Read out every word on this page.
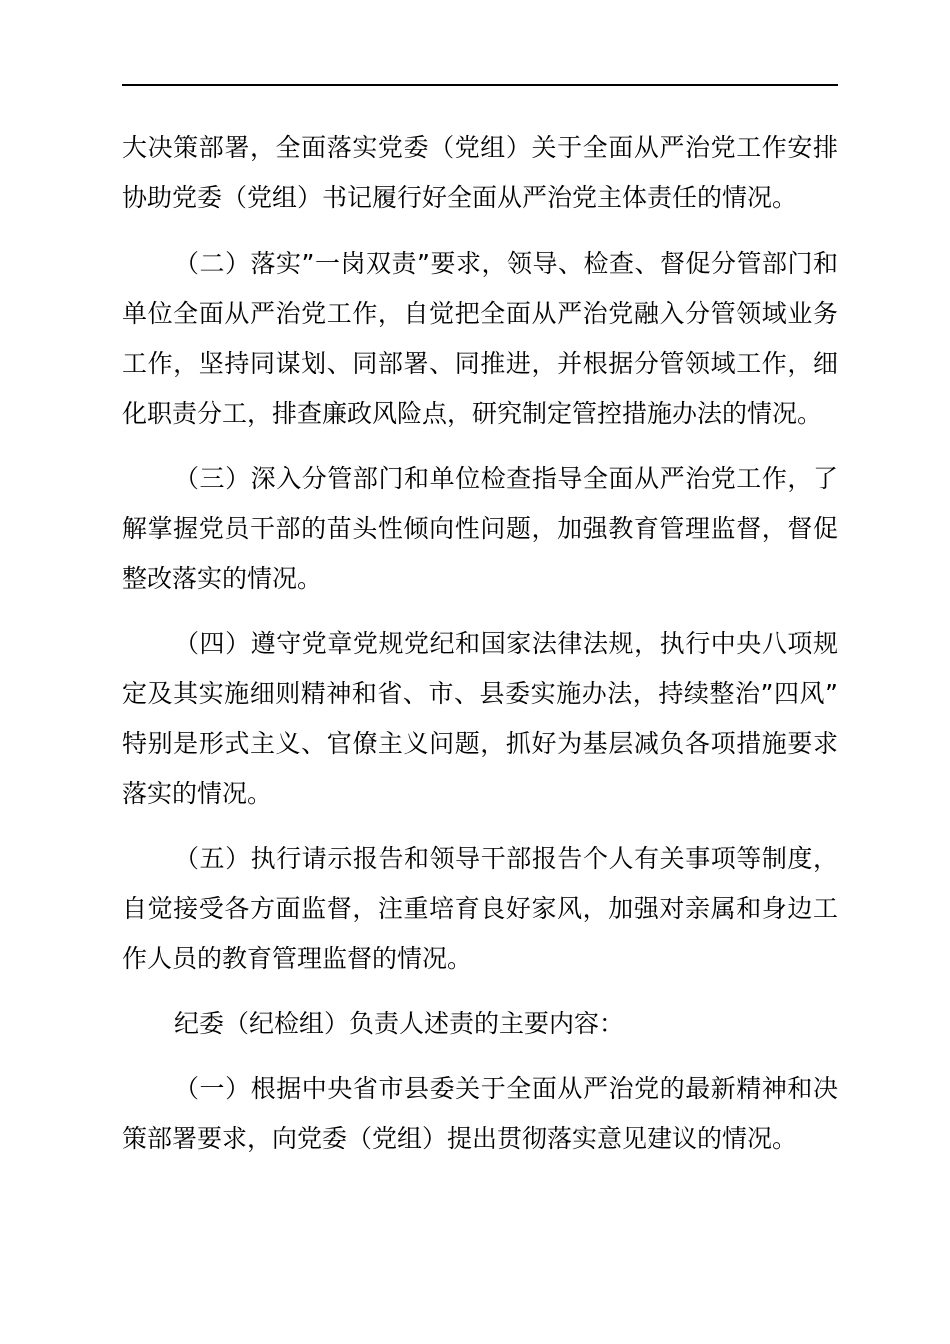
大决策部署，全面落实党委（党组）关于全面从严治党工作安排
协助党委（党组）书记履行好全面从严治党主体责任的情况。
（二）落实”一岗双责”要求，领导、检查、督促分管部门和
单位全面从严治党工作，自觉把全面从严治党融入分管领域业务
工作，坚持同谋划、同部署、同推进，并根据分管领域工作，细
化职责分工，排查廉政风险点，研究制定管控措施办法的情况。
（三）深入分管部门和单位检查指导全面从严治党工作，了
解掌握党员干部的苗头性倾向性问题，加强教育管理监督，督促
整改落实的情况。
（四）遵守党章党规党纪和国家法律法规，执行中央八项规
定及其实施细则精神和省、市、县委实施办法，持续整治”四风”
特别是形式主义、官僚主义问题，抓好为基层减负各项措施要求
落实的情况。
（五）执行请示报告和领导干部报告个人有关事项等制度，
自觉接受各方面监督，注重培育良好家风，加强对亲属和身边工
作人员的教育管理监督的情况。
纪委（纪检组）负责人述责的主要内容：
（一）根据中央省市县委关于全面从严治党的最新精神和决
策部署要求，向党委（党组）提出贯彻落实意见建议的情况。
